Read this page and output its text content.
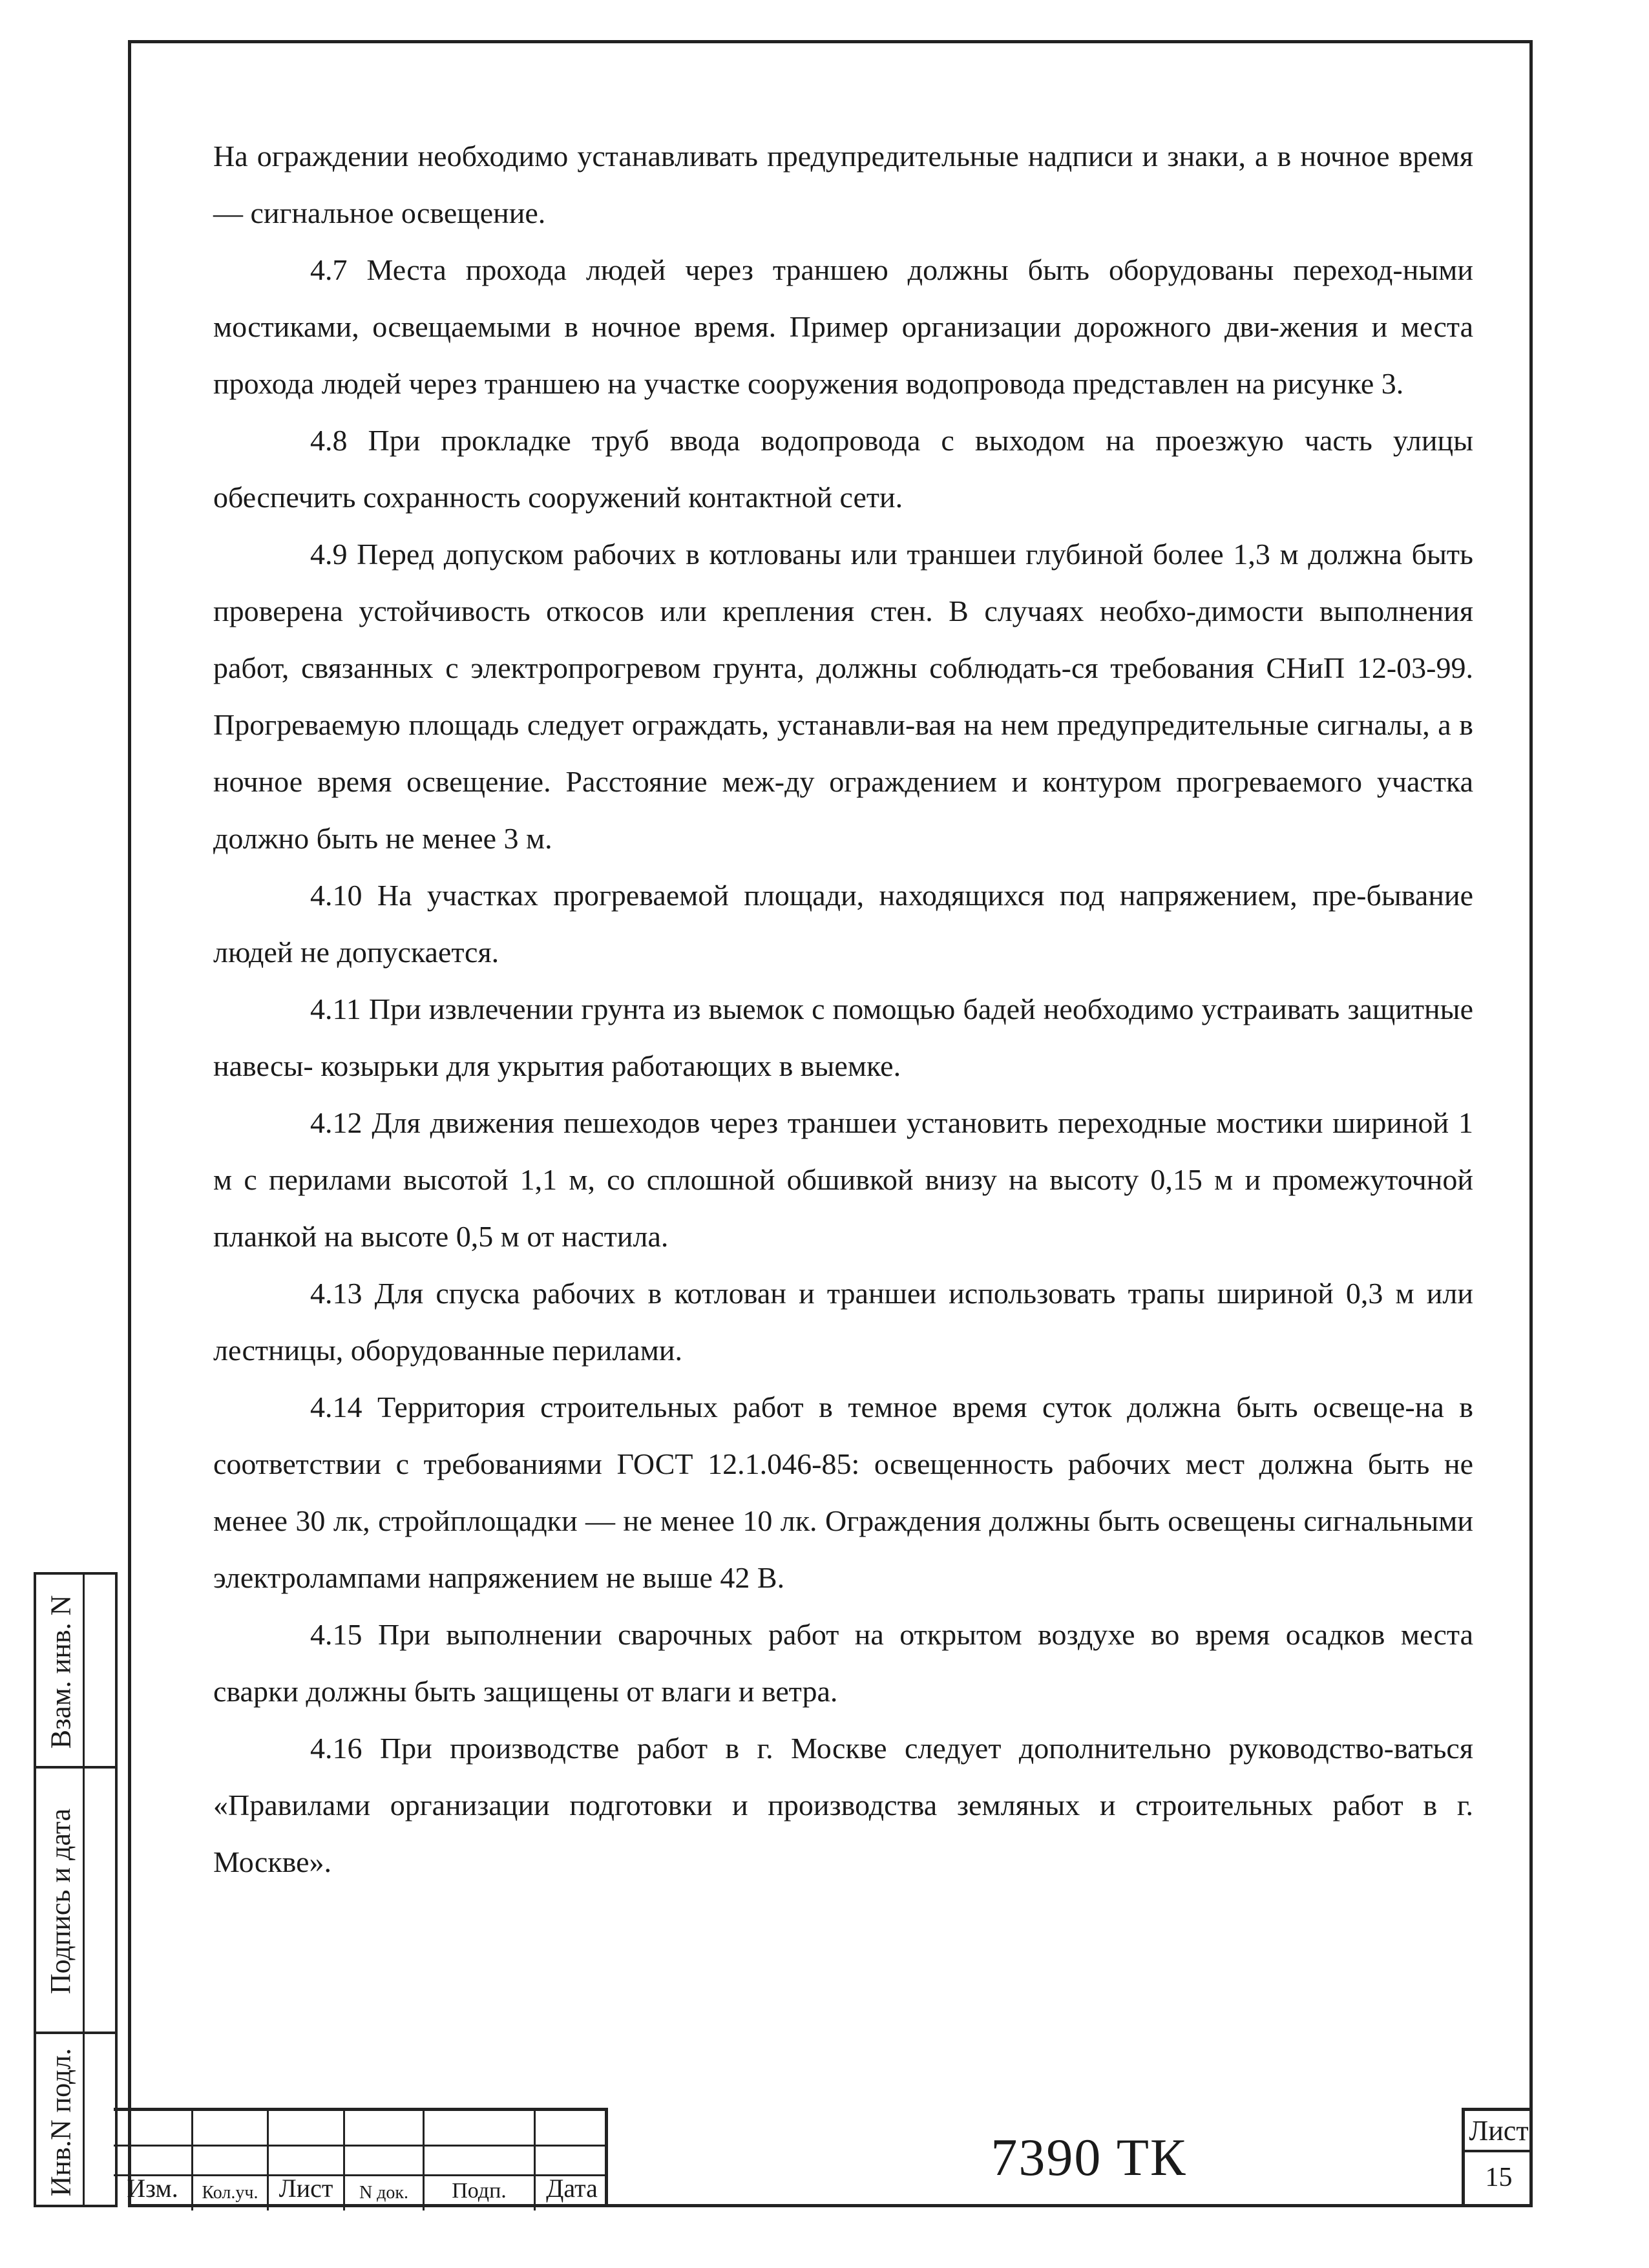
На ограждении необходимо устанавливать предупредительные надписи и знаки, а в ночное время — сигнальное освещение.

4.7 Места прохода людей через траншею должны быть оборудованы переход-ными мостиками, освещаемыми в ночное время. Пример организации дорожного дви-жения и места прохода людей через траншею на участке сооружения водопровода представлен на рисунке 3.

4.8 При прокладке труб ввода водопровода с выходом на проезжую часть улицы обеспечить сохранность сооружений контактной сети.

4.9 Перед допуском рабочих в котлованы или траншеи глубиной более 1,3 м должна быть проверена устойчивость откосов или крепления стен. В случаях необхо-димости выполнения работ, связанных с электропрогревом грунта, должны соблюдать-ся требования СНиП 12-03-99. Прогреваемую площадь следует ограждать, устанавли-вая на нем предупредительные сигналы, а в ночное время освещение. Расстояние меж-ду ограждением и контуром прогреваемого участка должно быть не менее 3 м.

4.10 На участках прогреваемой площади, находящихся под напряжением, пре-бывание людей не допускается.

4.11 При извлечении грунта из выемок с помощью бадей необходимо устраивать защитные навесы- козырьки для укрытия работающих в выемке.

4.12 Для движения пешеходов через траншеи установить переходные мостики шириной 1 м с перилами высотой 1,1 м, со сплошной обшивкой внизу на высоту 0,15 м и промежуточной планкой на высоте 0,5 м от настила.

4.13 Для спуска рабочих в котлован и траншеи использовать трапы шириной 0,3 м или лестницы, оборудованные перилами.

4.14 Территория строительных работ в темное время суток должна быть освеще-на в соответствии с требованиями ГОСТ 12.1.046-85: освещенность рабочих мест должна быть не менее 30 лк, стройплощадки — не менее 10 лк. Ограждения должны быть освещены сигнальными электролампами напряжением не выше 42 В.

4.15 При выполнении сварочных работ на открытом воздухе во время осадков места сварки должны быть защищены от влаги и ветра.

4.16 При производстве работ в г. Москве следует дополнительно руководство-ваться «Правилами организации подготовки и производства земляных и строительных работ в г. Москве».

Взам. инв. N
Подпись и дата
Инв.N подл.	Изм.	Кол.уч. Лист	N док.	Подп.	Дата
7390 ТК	Лист
15
